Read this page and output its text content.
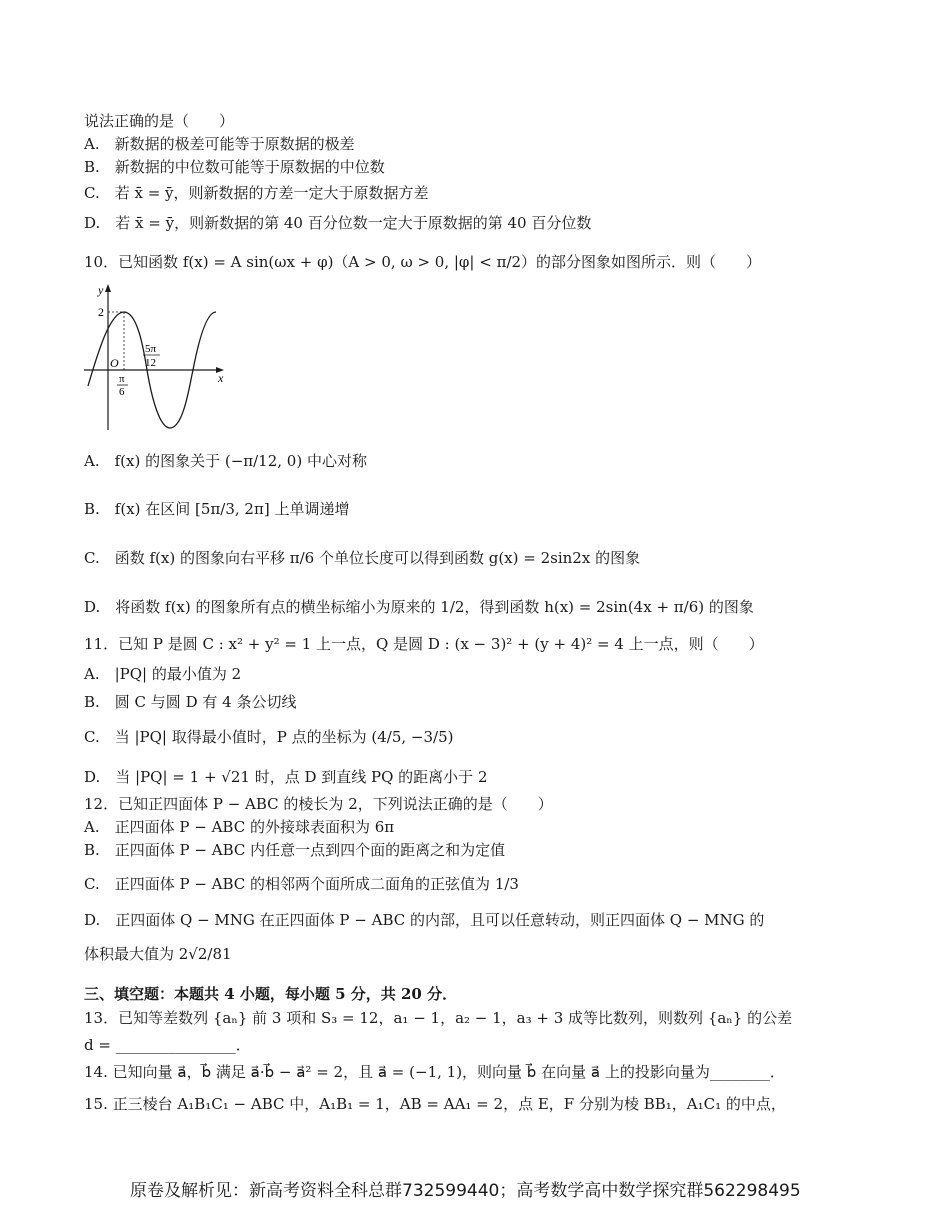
说法正确的是（　　）
A.　新数据的极差可能等于原数据的极差
B.　新数据的中位数可能等于原数据的中位数
C.　若 x̄ = ȳ，则新数据的方差一定大于原数据方差
D.　若 x̄ = ȳ，则新数据的第 40 百分位数一定大于原数据的第 40 百分位数
10．已知函数 f(x) = A sin(ωx + φ)（A > 0, ω > 0, |φ| < π/2）的部分图象如图所示．则（　　）
y
x
2
O
π
6
5π
12
A.　f(x) 的图象关于 (−π/12, 0) 中心对称
B.　f(x) 在区间 [5π/3, 2π] 上单调递增
C.　函数 f(x) 的图象向右平移 π/6 个单位长度可以得到函数 g(x) = 2sin2x 的图象
D.　将函数 f(x) 的图象所有点的横坐标缩小为原来的 1/2，得到函数 h(x) = 2sin(4x + π/6) 的图象
11．已知 P 是圆 C : x² + y² = 1 上一点，Q 是圆 D : (x − 3)² + (y + 4)² = 4 上一点，则（　　）
A.　|PQ| 的最小值为 2
B.　圆 C 与圆 D 有 4 条公切线
C.　当 |PQ| 取得最小值时，P 点的坐标为 (4/5, −3/5)
D.　当 |PQ| = 1 + √21 时，点 D 到直线 PQ 的距离小于 2
12．已知正四面体 P − ABC 的棱长为 2，下列说法正确的是（　　）
A.　正四面体 P − ABC 的外接球表面积为 6π
B.　正四面体 P − ABC 内任意一点到四个面的距离之和为定值
C.　正四面体 P − ABC 的相邻两个面所成二面角的正弦值为 1/3
D.　正四面体 Q − MNG 在正四面体 P − ABC 的内部，且可以任意转动，则正四面体 Q − MNG 的
体积最大值为 2√2/81
三、填空题：本题共 4 小题，每小题 5 分，共 20 分．
13．已知等差数列 {aₙ} 前 3 项和 S₃ = 12，a₁ − 1，a₂ − 1，a₃ + 3 成等比数列，则数列 {aₙ} 的公差
d = ________________．
14. 已知向量 a⃗，b⃗ 满足 a⃗·b⃗ − a⃗² = 2，且 a⃗ = (−1, 1)，则向量 b⃗ 在向量 a⃗ 上的投影向量为________．
15. 正三棱台 A₁B₁C₁ − ABC 中，A₁B₁ = 1，AB = AA₁ = 2，点 E，F 分别为棱 BB₁，A₁C₁ 的中点，
原卷及解析见：新高考资料全科总群732599440；高考数学高中数学探究群562298495
